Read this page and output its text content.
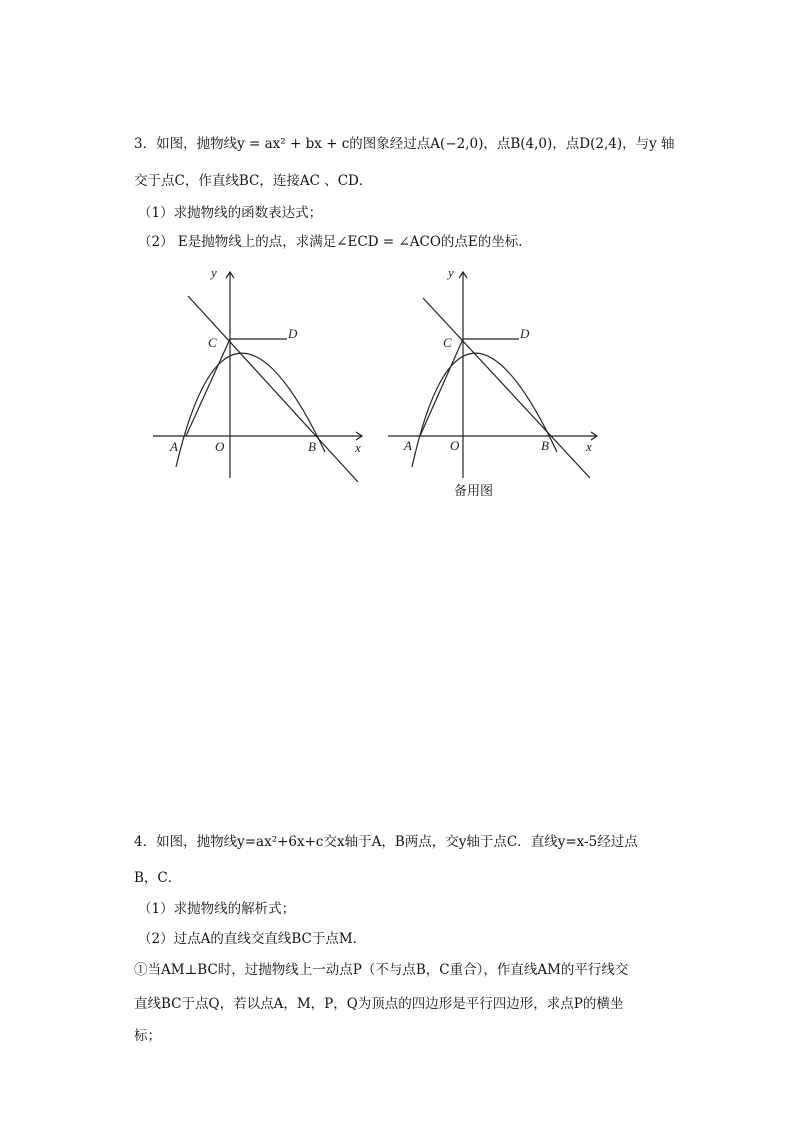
3．如图，抛物线y = ax² + bx + c的图象经过点A(−2,0)，点B(4,0)，点D(2,4)，与y 轴
交于点C，作直线BC，连接AC 、CD．
（1）求抛物线的函数表达式；
（2） E是抛物线上的点，求满足∠ECD = ∠ACO的点E的坐标．
y
x
A	O	B
C
D
y
x
A	O	B
C
D
备用图
4．如图，抛物线y=ax²+6x+c交x轴于A，B两点，交y轴于点C．直线y=x-5经过点
B，C．
（1）求抛物线的解析式；
（2）过点A的直线交直线BC于点M．
①当AM⊥BC时，过抛物线上一动点P（不与点B，C重合），作直线AM的平行线交
直线BC于点Q，若以点A，M，P，Q为顶点的四边形是平行四边形，求点P的横坐
标；
